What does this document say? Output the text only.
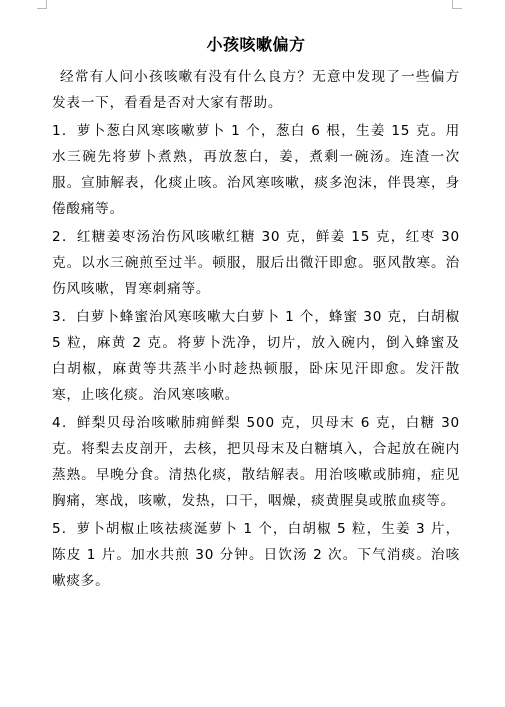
小孩咳嗽偏方

经常有人问小孩咳嗽有没有什么良方？无意中发现了一些偏方发表一下，看看是否对大家有帮助。

1．萝卜葱白风寒咳嗽萝卜 1 个，葱白 6 根，生姜 15 克。用水三碗先将萝卜煮熟，再放葱白，姜，煮剩一碗汤。连渣一次服。宣肺解表，化痰止咳。治风寒咳嗽，痰多泡沫，伴畏寒，身倦酸痛等。

2．红糖姜枣汤治伤风咳嗽红糖 30 克，鲜姜 15 克，红枣 30 克。以水三碗煎至过半。顿服，服后出微汗即愈。驱风散寒。治伤风咳嗽，胃寒刺痛等。

3．白萝卜蜂蜜治风寒咳嗽大白萝卜 1 个，蜂蜜 30 克，白胡椒 5 粒，麻黄 2 克。将萝卜洗净，切片，放入碗内，倒入蜂蜜及白胡椒，麻黄等共蒸半小时趁热顿服，卧床见汗即愈。发汗散寒，止咳化痰。治风寒咳嗽。

4．鲜梨贝母治咳嗽肺痈鲜梨 500 克，贝母末 6 克，白糖 30 克。将梨去皮剖开，去核，把贝母末及白糖填入，合起放在碗内蒸熟。早晚分食。清热化痰，散结解表。用治咳嗽或肺痈，症见胸痛，寒战，咳嗽，发热，口干，咽燥，痰黄腥臭或脓血痰等。

5．萝卜胡椒止咳祛痰涎萝卜 1 个，白胡椒 5 粒，生姜 3 片，陈皮 1 片。加水共煎 30 分钟。日饮汤 2 次。下气消痰。治咳嗽痰多。
